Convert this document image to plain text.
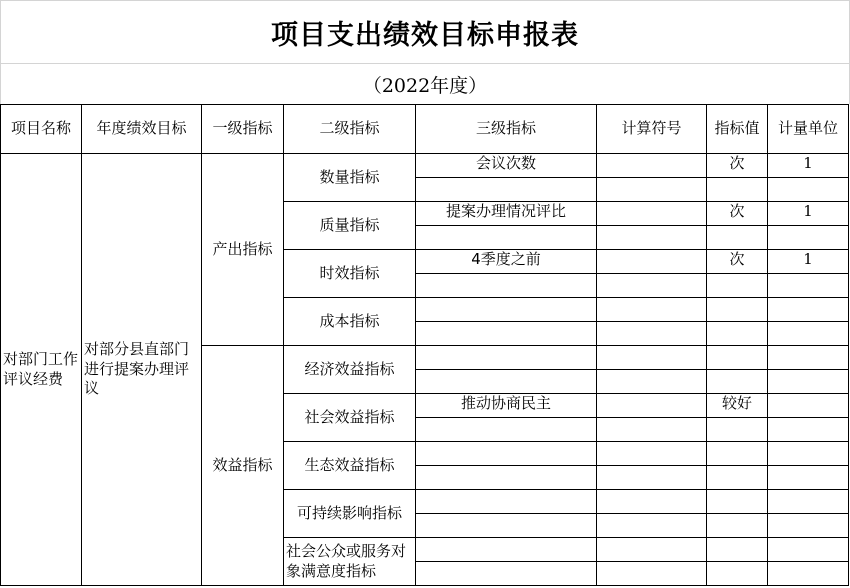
项目支出绩效目标申报表
（2022年度）
项目名称	年度绩效目标	一级指标	二级指标	三级指标	计算符号	指标值	计量单位
对部门工作评议经费	对部分县直部门进行提案办理评议	产出指标	数量指标	会议次数		次	1

			质量指标	提案办理情况评比		次	1

			时效指标	4季度之前		次	1

			成本指标				

		效益指标	经济效益指标				

			社会效益指标	推动协商民主		较好	

			生态效益指标				

			可持续影响指标				

			社会公众或服务对象满意度指标				
